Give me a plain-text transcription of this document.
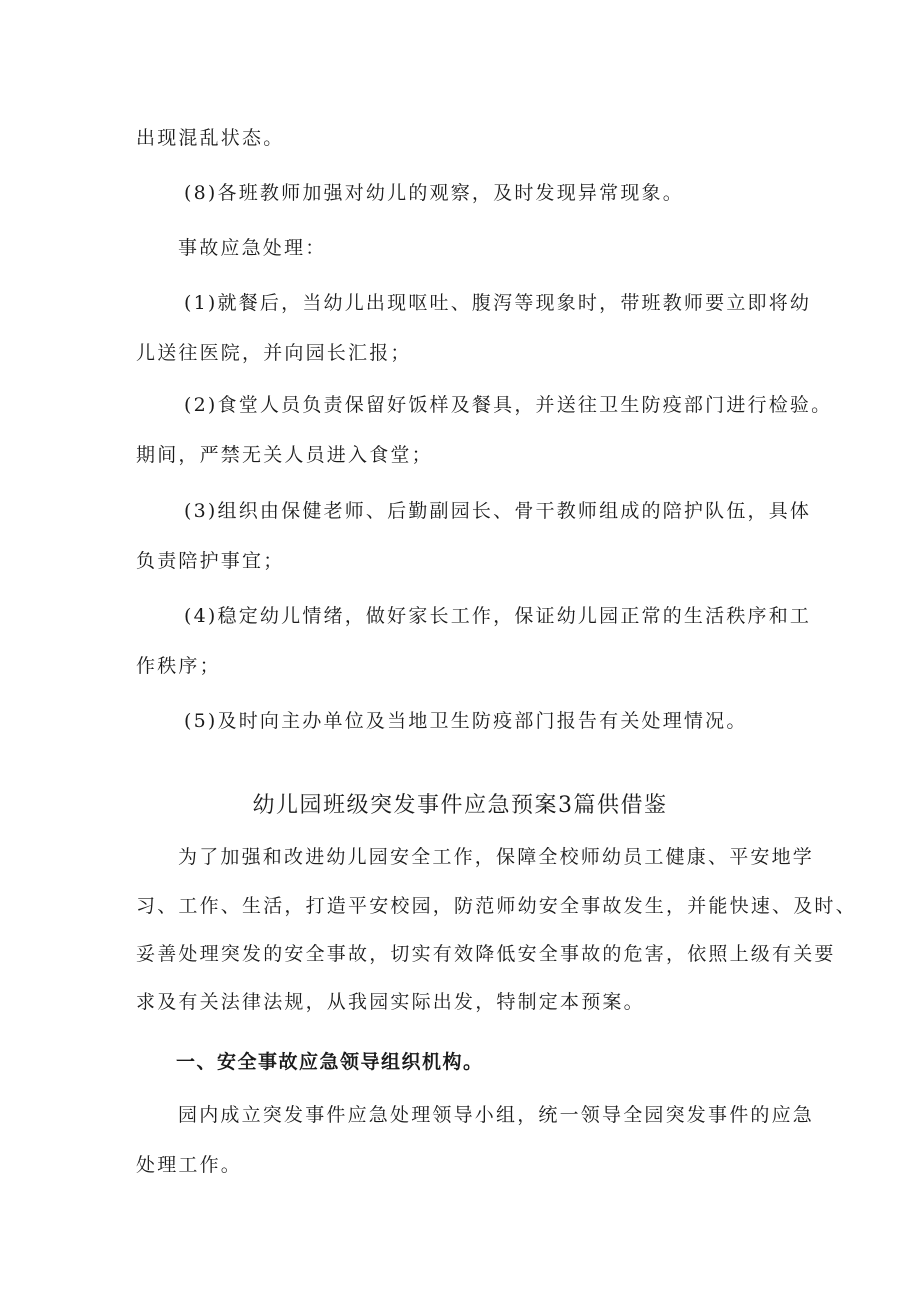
出现混乱状态。
(8)各班教师加强对幼儿的观察，及时发现异常现象。
事故应急处理：
(1)就餐后，当幼儿出现呕吐、腹泻等现象时，带班教师要立即将幼
儿送往医院，并向园长汇报；
(2)食堂人员负责保留好饭样及餐具，并送往卫生防疫部门进行检验。
期间，严禁无关人员进入食堂；
(3)组织由保健老师、后勤副园长、骨干教师组成的陪护队伍，具体
负责陪护事宜；
(4)稳定幼儿情绪，做好家长工作，保证幼儿园正常的生活秩序和工
作秩序；
(5)及时向主办单位及当地卫生防疫部门报告有关处理情况。
幼儿园班级突发事件应急预案3篇供借鉴
为了加强和改进幼儿园安全工作，保障全校师幼员工健康、平安地学
习、工作、生活，打造平安校园，防范师幼安全事故发生，并能快速、及时、
妥善处理突发的安全事故，切实有效降低安全事故的危害，依照上级有关要
求及有关法律法规，从我园实际出发，特制定本预案。
一、安全事故应急领导组织机构。
园内成立突发事件应急处理领导小组，统一领导全园突发事件的应急
处理工作。
